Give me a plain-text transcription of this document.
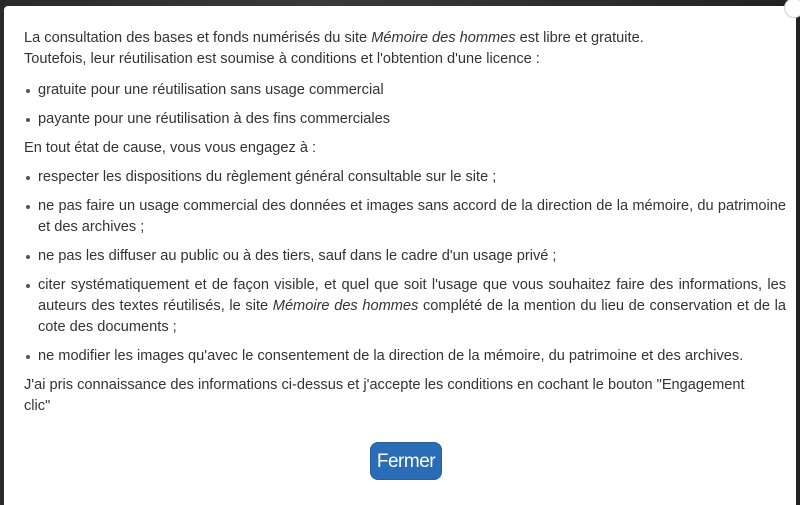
La consultation des bases et fonds numérisés du site Mémoire des hommes est libre et gratuite.
Toutefois, leur réutilisation est soumise à conditions et l'obtention d'une licence :

gratuite pour une réutilisation sans usage commercial
payante pour une réutilisation à des fins commerciales

En tout état de cause, vous vous engagez à :

respecter les dispositions du règlement général consultable sur le site ;
ne pas faire un usage commercial des données et images sans accord de la direction de la mémoire, du patrimoine et des archives ;
ne pas les diffuser au public ou à des tiers, sauf dans le cadre d'un usage privé ;
citer systématiquement et de façon visible, et quel que soit l'usage que vous souhaitez faire des informations, les auteurs des textes réutilisés, le site Mémoire des hommes complété de la mention du lieu de conservation et de la cote des documents ;
ne modifier les images qu'avec le consentement de la direction de la mémoire, du patrimoine et des archives.

J'ai pris connaissance des informations ci-dessus et j'accepte les conditions en cochant le bouton "Engagement clic"

Fermer
